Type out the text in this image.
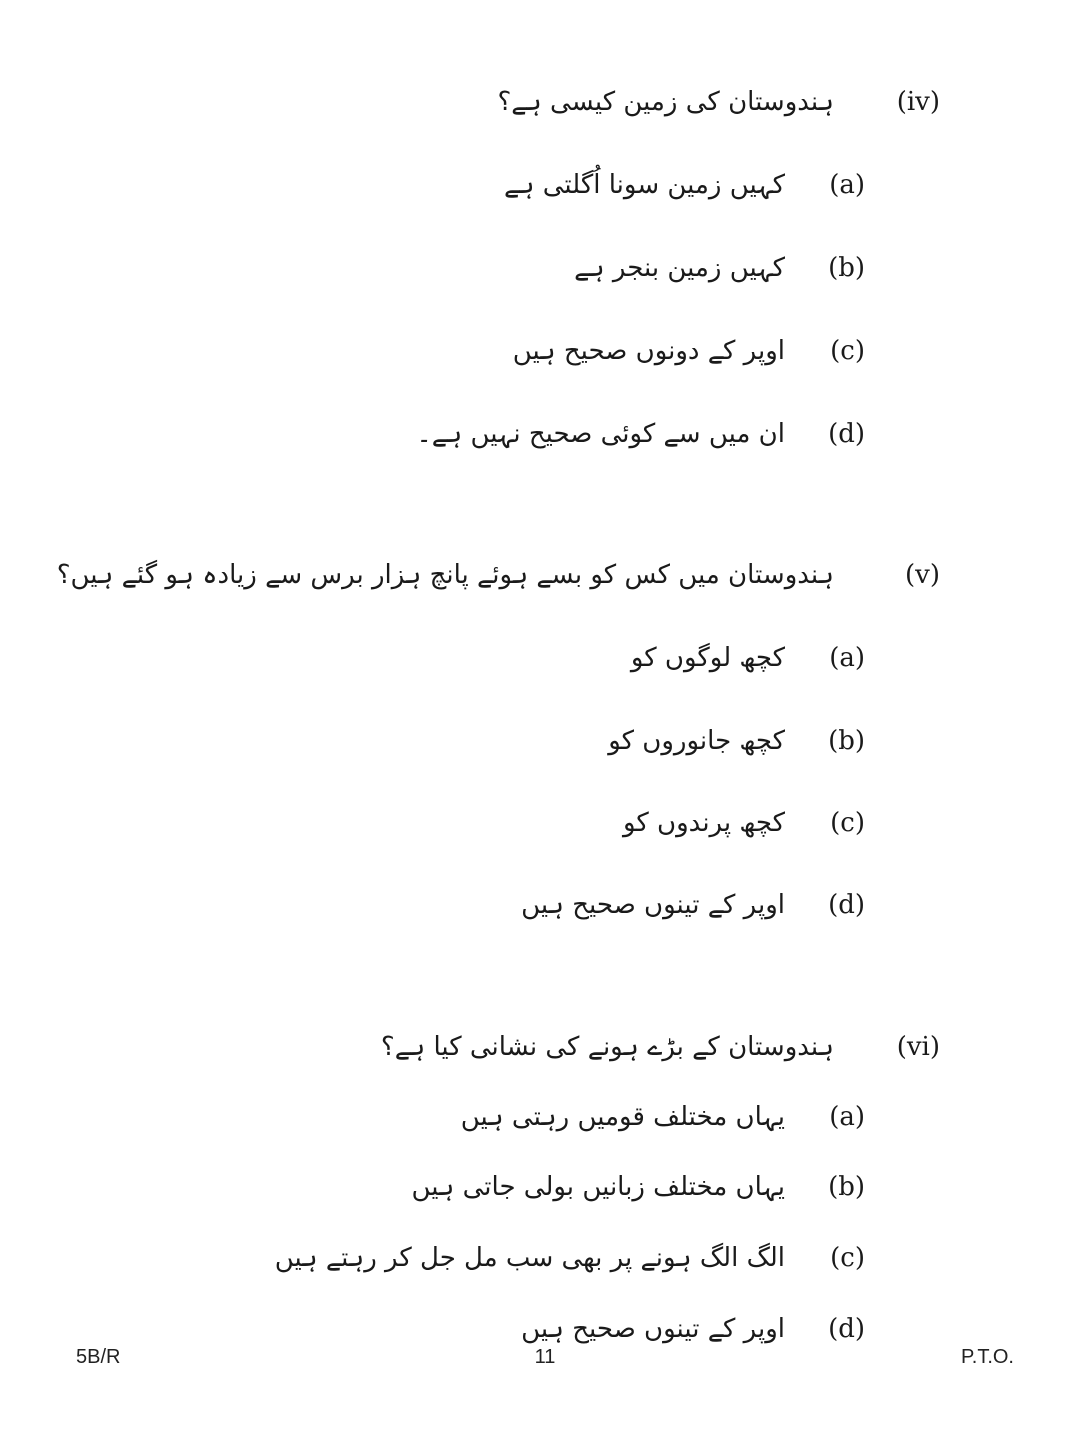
(iv)
ہندوستان کی زمین کیسی ہے؟
(a)
کہیں زمین سونا اُگلتی ہے
(b)
کہیں زمین بنجر ہے
(c)
اوپر کے دونوں صحیح ہیں
(d)
ان میں سے کوئی صحیح نہیں ہے۔
(v)
ہندوستان میں کس کو بسے ہوئے پانچ ہزار برس سے زیادہ ہو گئے ہیں؟
(a)
کچھ لوگوں کو
(b)
کچھ جانوروں کو
(c)
کچھ پرندوں کو
(d)
اوپر کے تینوں صحیح ہیں
(vi)
ہندوستان کے بڑے ہونے کی نشانی کیا ہے؟
(a)
یہاں مختلف قومیں رہتی ہیں
(b)
یہاں مختلف زبانیں بولی جاتی ہیں
(c)
الگ الگ ہونے پر بھی سب مل جل کر رہتے ہیں
(d)
اوپر کے تینوں صحیح ہیں
5B/R	11	P.T.O.
